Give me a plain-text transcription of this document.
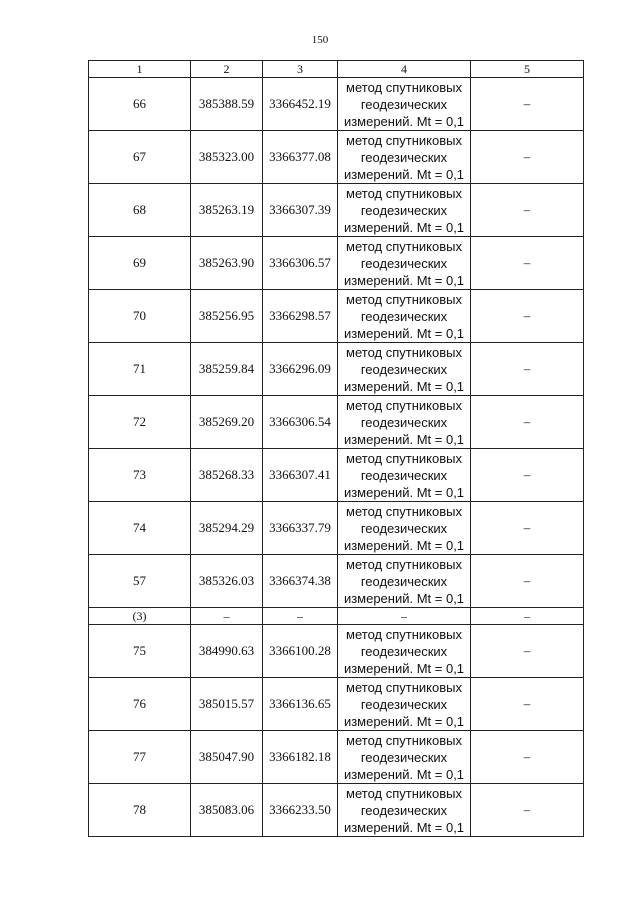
150
1	2	3	4	5
66	385388.59	3366452.19	метод спутниковых геодезических измерений. Mt = 0,1	–
67	385323.00	3366377.08	метод спутниковых геодезических измерений. Mt = 0,1	–
68	385263.19	3366307.39	метод спутниковых геодезических измерений. Mt = 0,1	–
69	385263.90	3366306.57	метод спутниковых геодезических измерений. Mt = 0,1	–
70	385256.95	3366298.57	метод спутниковых геодезических измерений. Mt = 0,1	–
71	385259.84	3366296.09	метод спутниковых геодезических измерений. Mt = 0,1	–
72	385269.20	3366306.54	метод спутниковых геодезических измерений. Mt = 0,1	–
73	385268.33	3366307.41	метод спутниковых геодезических измерений. Mt = 0,1	–
74	385294.29	3366337.79	метод спутниковых геодезических измерений. Mt = 0,1	–
57	385326.03	3366374.38	метод спутниковых геодезических измерений. Mt = 0,1	–
(3)	–	–	–	–
75	384990.63	3366100.28	метод спутниковых геодезических измерений. Mt = 0,1	–
76	385015.57	3366136.65	метод спутниковых геодезических измерений. Mt = 0,1	–
77	385047.90	3366182.18	метод спутниковых геодезических измерений. Mt = 0,1	–
78	385083.06	3366233.50	метод спутниковых геодезических измерений. Mt = 0,1	–
